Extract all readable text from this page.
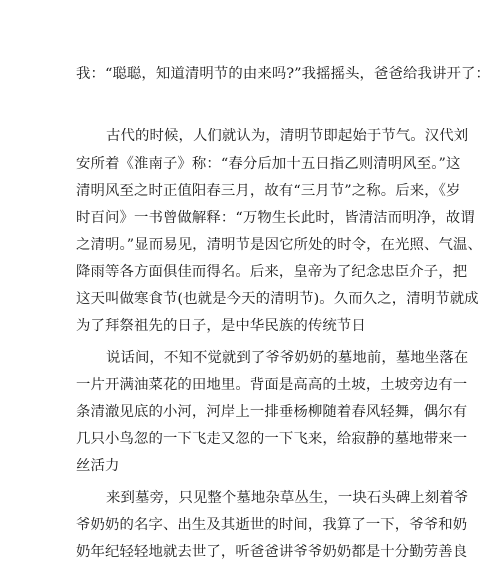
我：“聪聪，知道清明节的由来吗?”我摇摇头，爸爸给我讲开了：
古代的时候，人们就认为，清明节即起始于节气。汉代刘
安所着《淮南子》称：“春分后加十五日指乙则清明风至。”这
清明风至之时正值阳春三月，故有“三月节”之称。后来，《岁
时百问》一书曾做解释：“万物生长此时，皆清洁而明净，故谓
之清明。”显而易见，清明节是因它所处的时令，在光照、气温、
降雨等各方面俱佳而得名。后来，皇帝为了纪念忠臣介子，把
这天叫做寒食节(也就是今天的清明节)。久而久之，清明节就成
为了拜祭祖先的日子，是中华民族的传统节日
说话间，不知不觉就到了爷爷奶奶的墓地前，墓地坐落在
一片开满油菜花的田地里。背面是高高的土坡，土坡旁边有一
条清澈见底的小河，河岸上一排垂杨柳随着春风轻舞，偶尔有
几只小鸟忽的一下飞走又忽的一下飞来，给寂静的墓地带来一
丝活力
来到墓旁，只见整个墓地杂草丛生，一块石头碑上刻着爷
爷奶奶的名字、出生及其逝世的时间，我算了一下，爷爷和奶
奶年纪轻轻地就去世了，听爸爸讲爷爷奶奶都是十分勤劳善良
